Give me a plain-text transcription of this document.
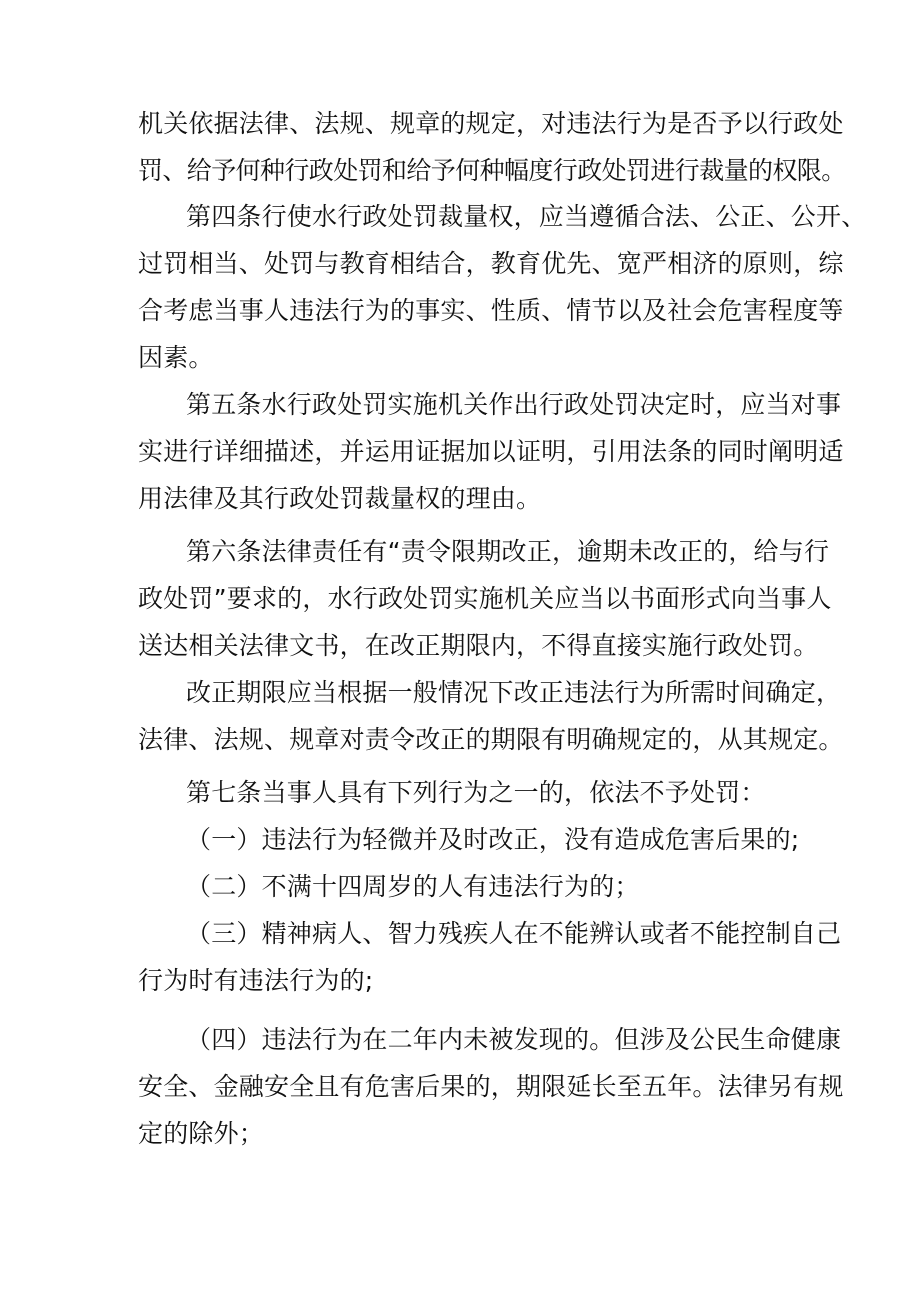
机关依据法律、法规、规章的规定，对违法行为是否予以行政处
罚、给予何种行政处罚和给予何种幅度行政处罚进行裁量的权限。
第四条行使水行政处罚裁量权，应当遵循合法、公正、公开、
过罚相当、处罚与教育相结合，教育优先、宽严相济的原则，综
合考虑当事人违法行为的事实、性质、情节以及社会危害程度等
因素。
第五条水行政处罚实施机关作出行政处罚决定时，应当对事
实进行详细描述，并运用证据加以证明，引用法条的同时阐明适
用法律及其行政处罚裁量权的理由。
第六条法律责任有“责令限期改正，逾期未改正的，给与行
政处罚”要求的，水行政处罚实施机关应当以书面形式向当事人
送达相关法律文书，在改正期限内，不得直接实施行政处罚。
改正期限应当根据一般情况下改正违法行为所需时间确定，
法律、法规、规章对责令改正的期限有明确规定的，从其规定。
第七条当事人具有下列行为之一的，依法不予处罚：
（一）违法行为轻微并及时改正，没有造成危害后果的;
（二）不满十四周岁的人有违法行为的；
（三）精神病人、智力残疾人在不能辨认或者不能控制自己
行为时有违法行为的;
（四）违法行为在二年内未被发现的。但涉及公民生命健康
安全、金融安全且有危害后果的，期限延长至五年。法律另有规
定的除外；
